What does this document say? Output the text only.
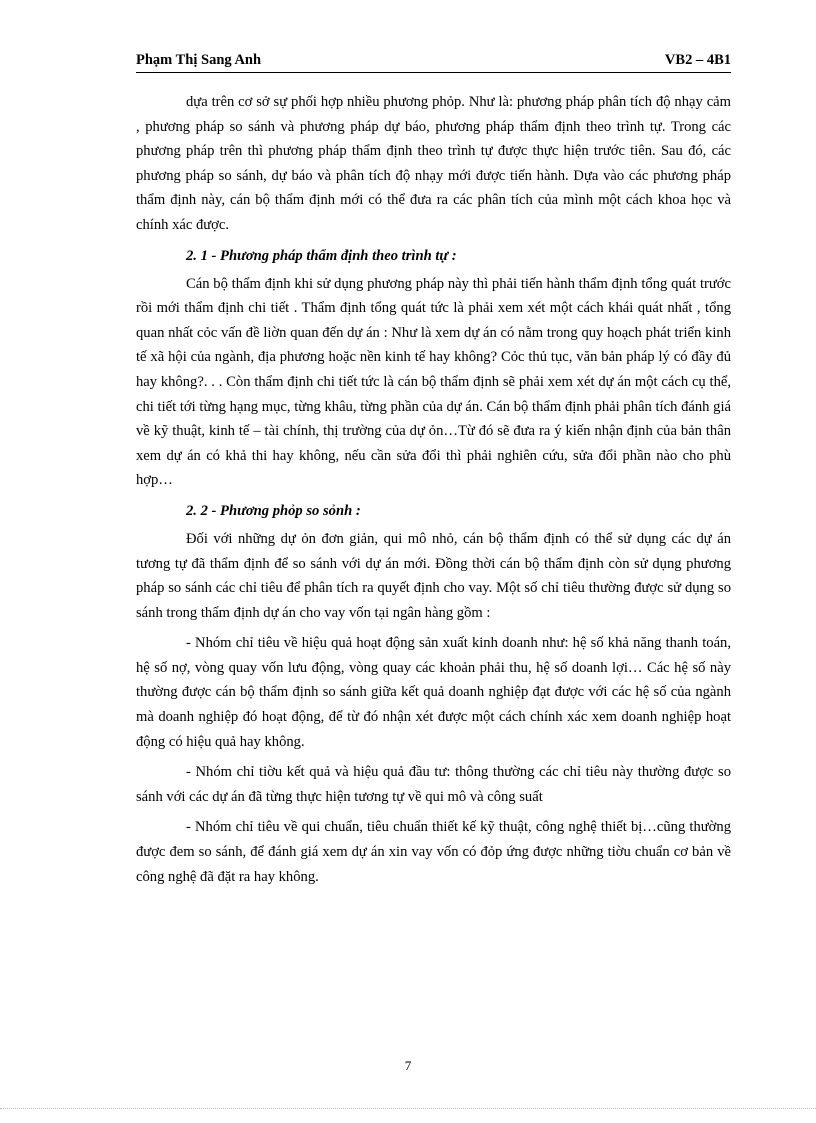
Phạm Thị Sang Anh	VB2 – 4B1

dựa trên cơ sở sự phối hợp nhiều phương phỏp. Như là: phương pháp phân tích độ nhạy cảm , phương pháp so sánh và phương pháp dự báo, phương pháp thẩm định theo trình tự. Trong các phương pháp trên thì phương pháp thẩm định theo trình tự được thực hiện trước tiên. Sau đó, các phương pháp so sánh, dự báo và phân tích độ nhạy mới được tiến hành. Dựa vào các phương pháp thẩm định này, cán bộ thẩm định mới có thể đưa ra các phân tích của mình một cách khoa học và chính xác được.

2. 1 - Phương pháp thẩm định theo trình tự :

Cán bộ thẩm định khi sử dụng phương pháp này thì phải tiến hành thẩm định tổng quát trước rồi mới thẩm định chi tiết . Thẩm định tổng quát tức là phải xem xét một cách khái quát nhất , tổng quan nhất cỏc vấn đề liờn quan đến dự án : Như là xem dự án có nằm trong quy hoạch phát triển kinh tế xã hội của ngành, địa phương hoặc nền kinh tế hay không? Cỏc thủ tục, văn bản pháp lý có đầy đủ hay không?. . . Còn thẩm định chi tiết tức là cán bộ thẩm định sẽ phải xem xét dự án một cách cụ thể, chi tiết tới từng hạng mục, từng khâu, từng phần của dự án. Cán bộ thẩm định phải phân tích đánh giá về kỹ thuật, kinh tế – tài chính, thị trường của dự ỏn…Từ đó sẽ đưa ra ý kiến nhận định của bản thân xem dự án có khả thi hay không, nếu cần sửa đổi thì phải nghiên cứu, sửa đổi phần nào cho phù hợp…

2. 2 - Phương phỏp so sỏnh :

Đối với những dự ỏn đơn giản, qui mô nhỏ, cán bộ thẩm định có thể sử dụng các dự án tương tự đã thẩm định để so sánh với dự án mới. Đồng thời cán bộ thẩm định còn sử dụng phương pháp so sánh các chỉ tiêu để phân tích ra quyết định cho vay. Một số chỉ tiêu thường được sử dụng so sánh trong thẩm định dự án cho vay vốn tại ngân hàng gồm :

- Nhóm chỉ tiêu về hiệu quả hoạt động sản xuất kinh doanh như: hệ số khả năng thanh toán, hệ số nợ, vòng quay vốn lưu động, vòng quay các khoản phải thu, hệ số doanh lợi… Các hệ số này thường được cán bộ thẩm định so sánh giữa kết quả doanh nghiệp đạt được với các hệ số của ngành mà doanh nghiệp đó hoạt động, để từ đó nhận xét được một cách chính xác xem doanh nghiệp hoạt động có hiệu quả hay không.

- Nhóm chỉ tiờu kết quả và hiệu quả đầu tư: thông thường các chỉ tiêu này thường được so sánh với các dự án đã từng thực hiện tương tự về qui mô và công suất

- Nhóm chỉ tiêu về qui chuẩn, tiêu chuẩn thiết kế kỹ thuật, công nghệ thiết bị…cũng thường được đem so sánh, để đánh giá xem dự án xin vay vốn có đỏp ứng được những tiờu chuẩn cơ bản về công nghệ đã đặt ra hay không.

7
